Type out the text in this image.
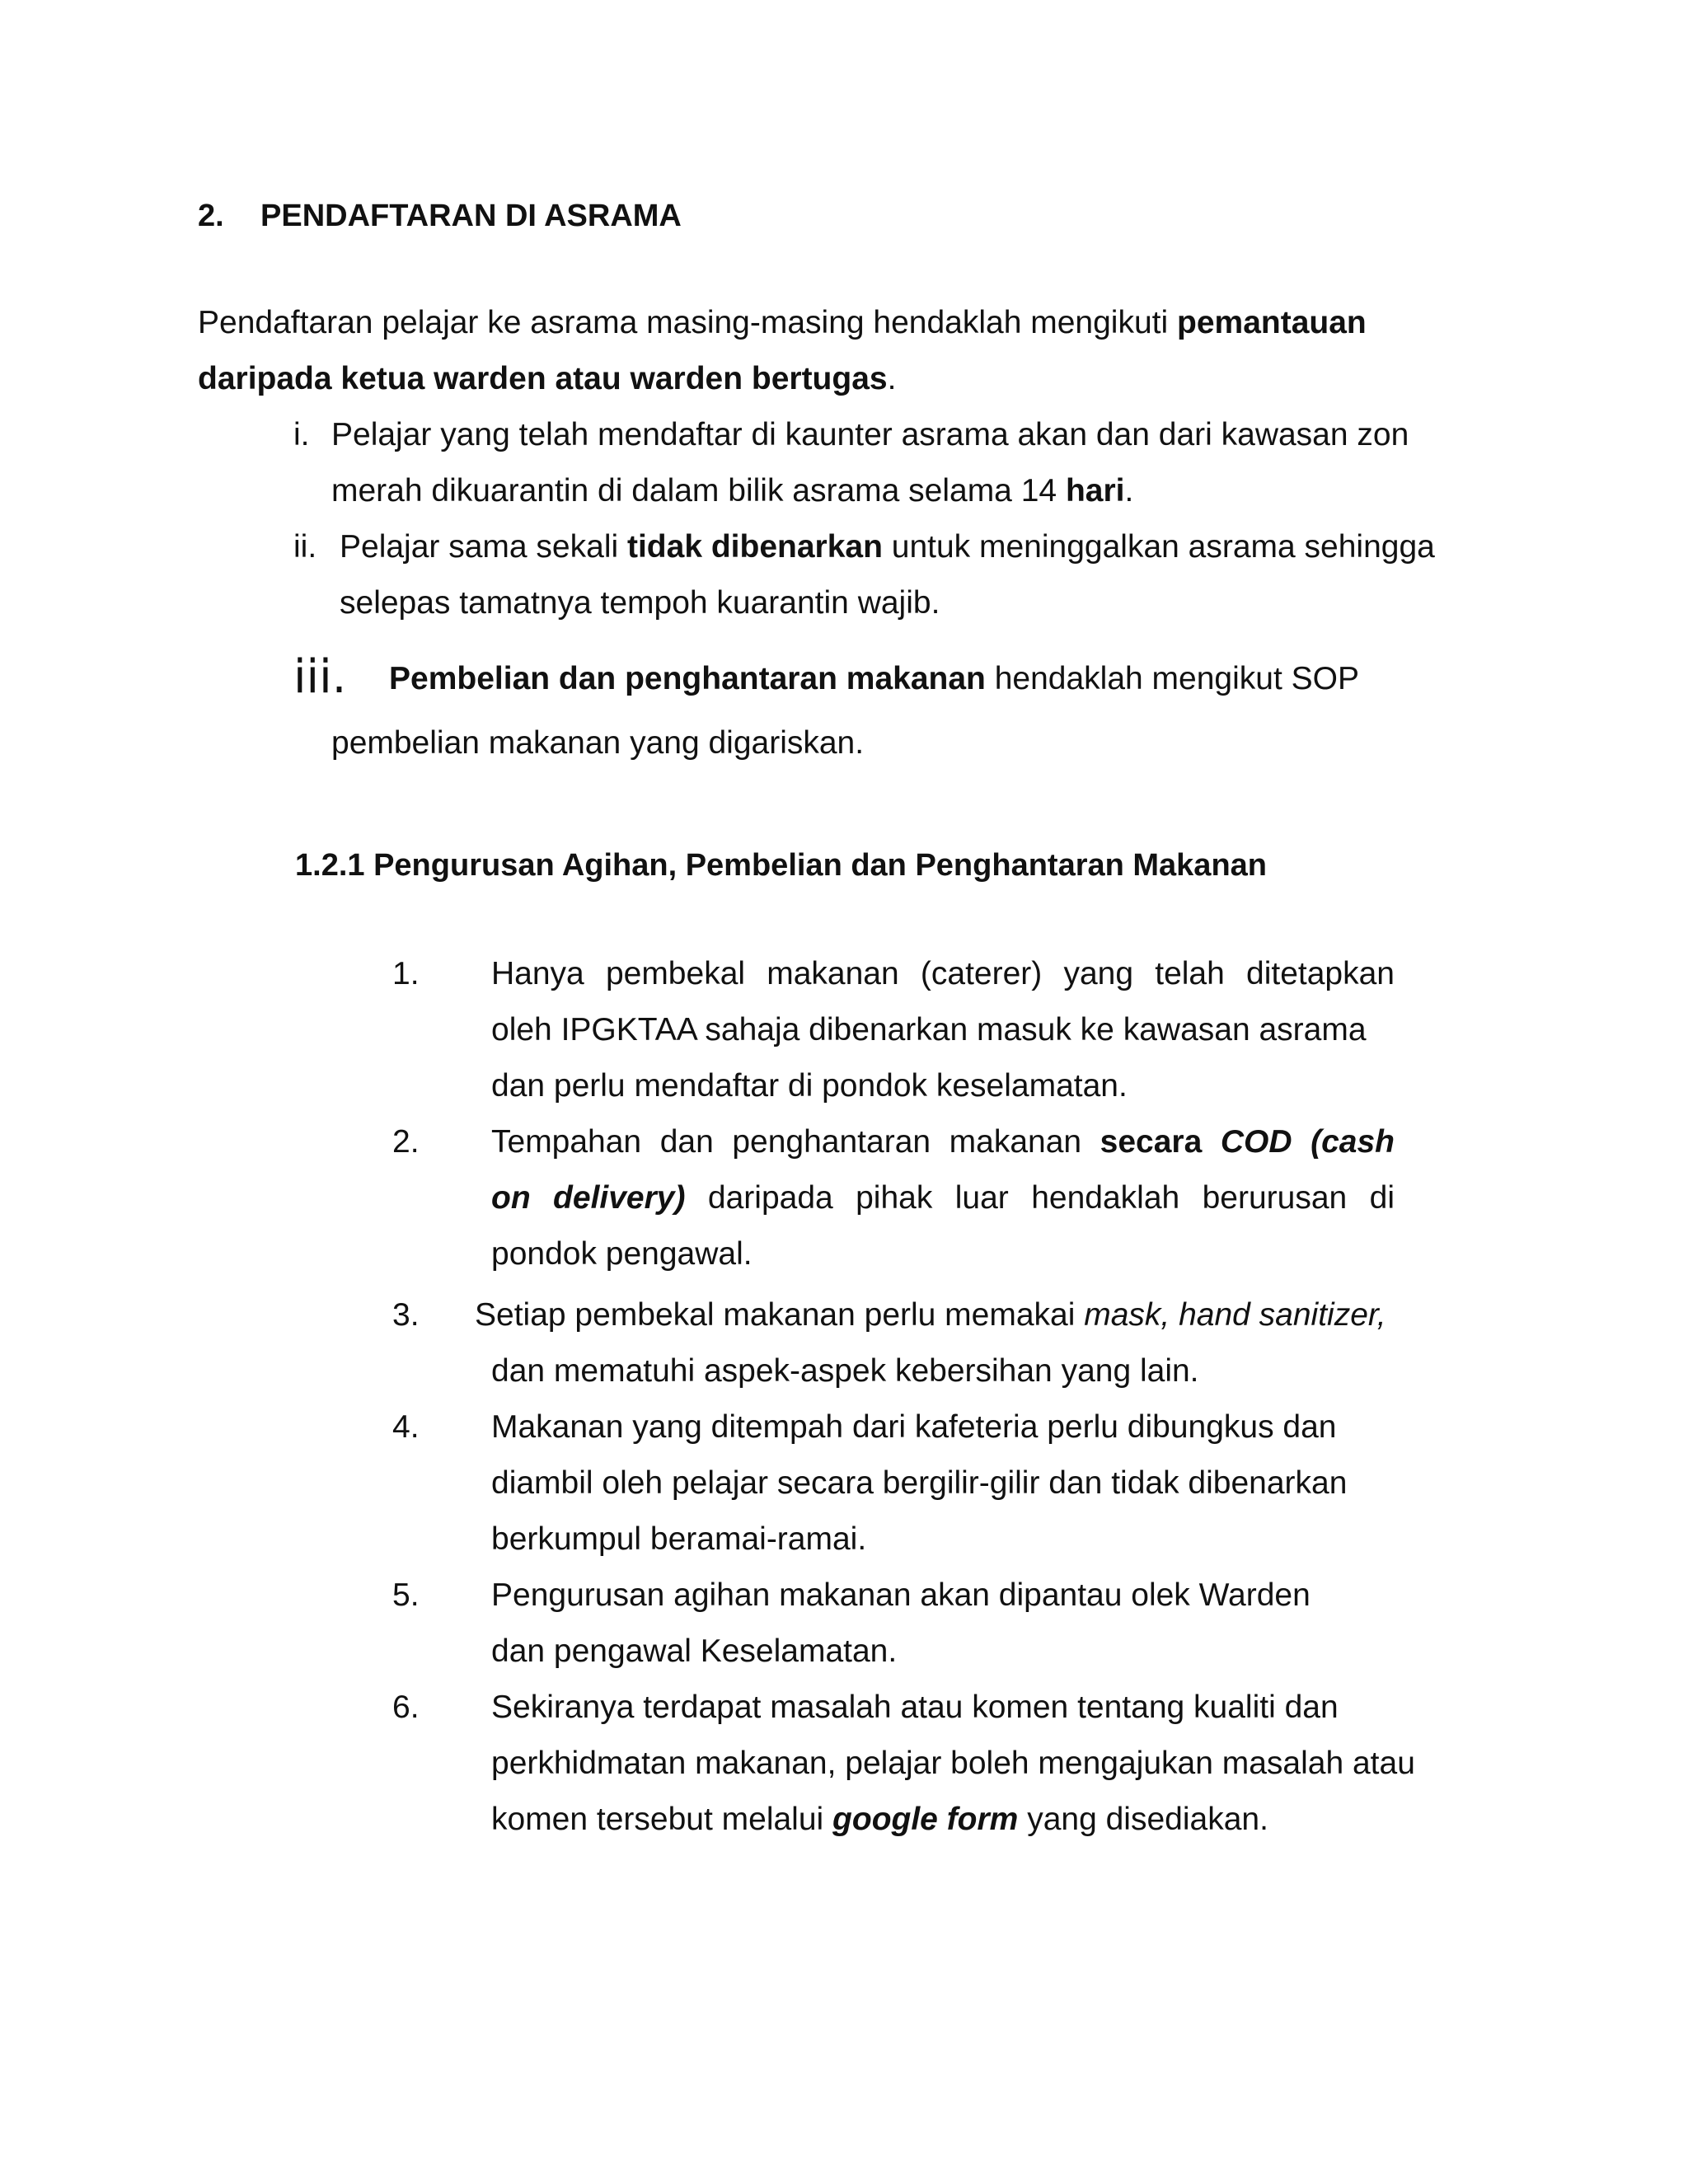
2. PENDAFTARAN DI ASRAMA
Pendaftaran pelajar ke asrama masing-masing hendaklah mengikuti pemantauan
daripada ketua warden atau warden bertugas.
i. Pelajar yang telah mendaftar di kaunter asrama akan dan dari kawasan zon
merah dikuarantin di dalam bilik asrama selama 14 hari.
ii. Pelajar sama sekali tidak dibenarkan untuk meninggalkan asrama sehingga
selepas tamatnya tempoh kuarantin wajib.
iii. Pembelian dan penghantaran makanan hendaklah mengikut SOP
pembelian makanan yang digariskan.
1.2.1 Pengurusan Agihan, Pembelian dan Penghantaran Makanan
1. Hanya pembekal makanan (caterer) yang telah ditetapkan
oleh IPGKTAA sahaja dibenarkan masuk ke kawasan asrama
dan perlu mendaftar di pondok keselamatan.
2. Tempahan dan penghantaran makanan secara COD (cash
on delivery) daripada pihak luar hendaklah berurusan di
pondok pengawal.
3. Setiap pembekal makanan perlu memakai mask, hand sanitizer,
dan mematuhi aspek-aspek kebersihan yang lain.
4. Makanan yang ditempah dari kafeteria perlu dibungkus dan
diambil oleh pelajar secara bergilir-gilir dan tidak dibenarkan
berkumpul beramai-ramai.
5. Pengurusan agihan makanan akan dipantau olek Warden
dan pengawal Keselamatan.
6. Sekiranya terdapat masalah atau komen tentang kualiti dan
perkhidmatan makanan, pelajar boleh mengajukan masalah atau
komen tersebut melalui google form yang disediakan.
